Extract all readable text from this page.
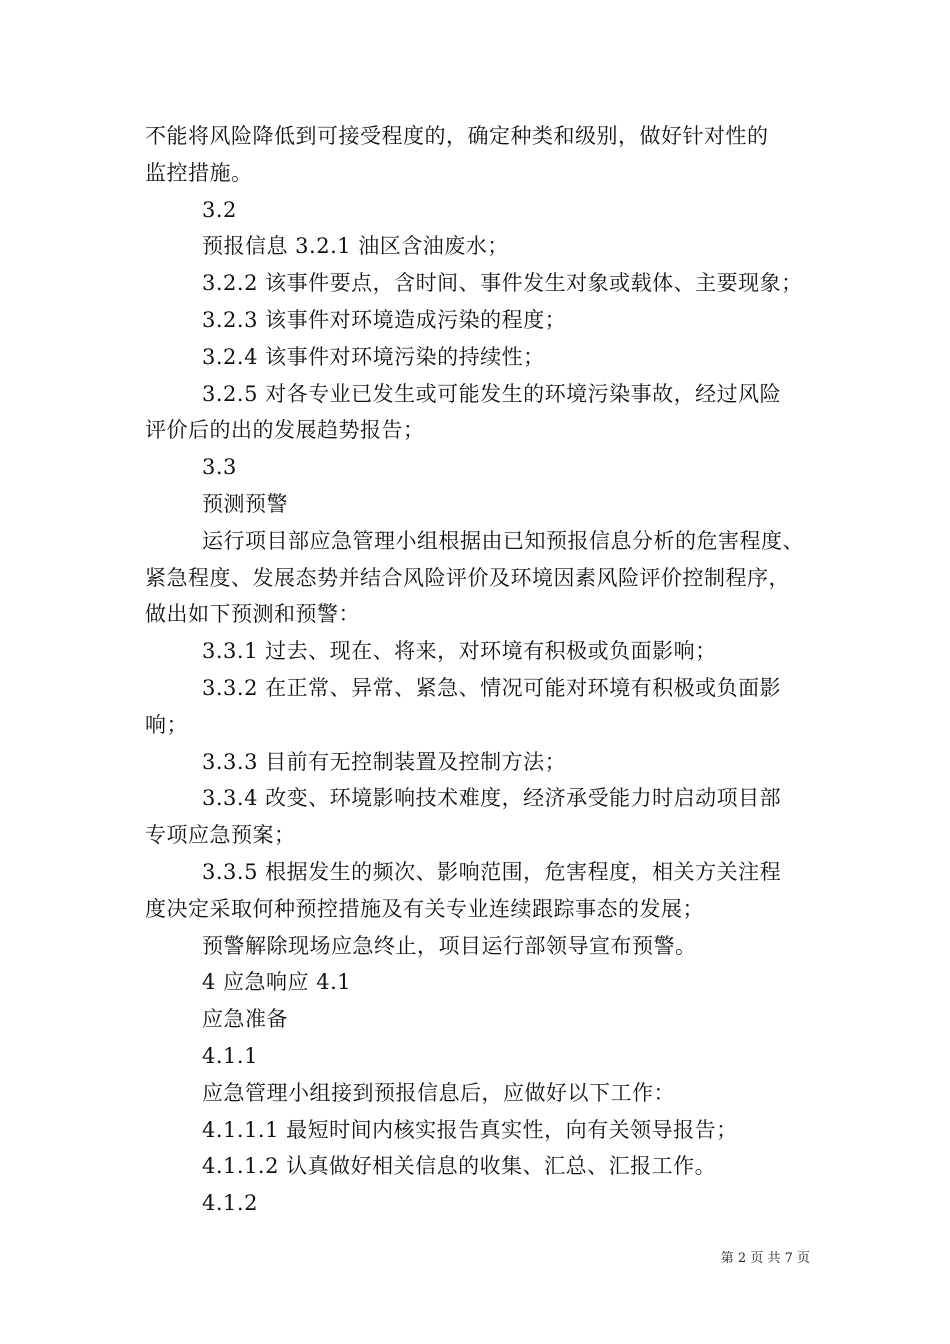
不能将风险降低到可接受程度的，确定种类和级别，做好针对性的
监控措施。
3.2
预报信息 3.2.1 油区含油废水；
3.2.2 该事件要点，含时间、事件发生对象或载体、主要现象；
3.2.3 该事件对环境造成污染的程度；
3.2.4 该事件对环境污染的持续性；
3.2.5 对各专业已发生或可能发生的环境污染事故，经过风险
评价后的出的发展趋势报告；
3.3
预测预警
运行项目部应急管理小组根据由已知预报信息分析的危害程度、
紧急程度、发展态势并结合风险评价及环境因素风险评价控制程序，
做出如下预测和预警：
3.3.1 过去、现在、将来，对环境有积极或负面影响；
3.3.2 在正常、异常、紧急、情况可能对环境有积极或负面影
响；
3.3.3 目前有无控制装置及控制方法；
3.3.4 改变、环境影响技术难度，经济承受能力时启动项目部
专项应急预案；
3.3.5 根据发生的频次、影响范围，危害程度，相关方关注程
度决定采取何种预控措施及有关专业连续跟踪事态的发展；
预警解除现场应急终止，项目运行部领导宣布预警。
4 应急响应 4.1
应急准备
4.1.1
应急管理小组接到预报信息后，应做好以下工作：
4.1.1.1 最短时间内核实报告真实性，向有关领导报告；
4.1.1.2 认真做好相关信息的收集、汇总、汇报工作。
4.1.2
第 2 页 共 7 页
